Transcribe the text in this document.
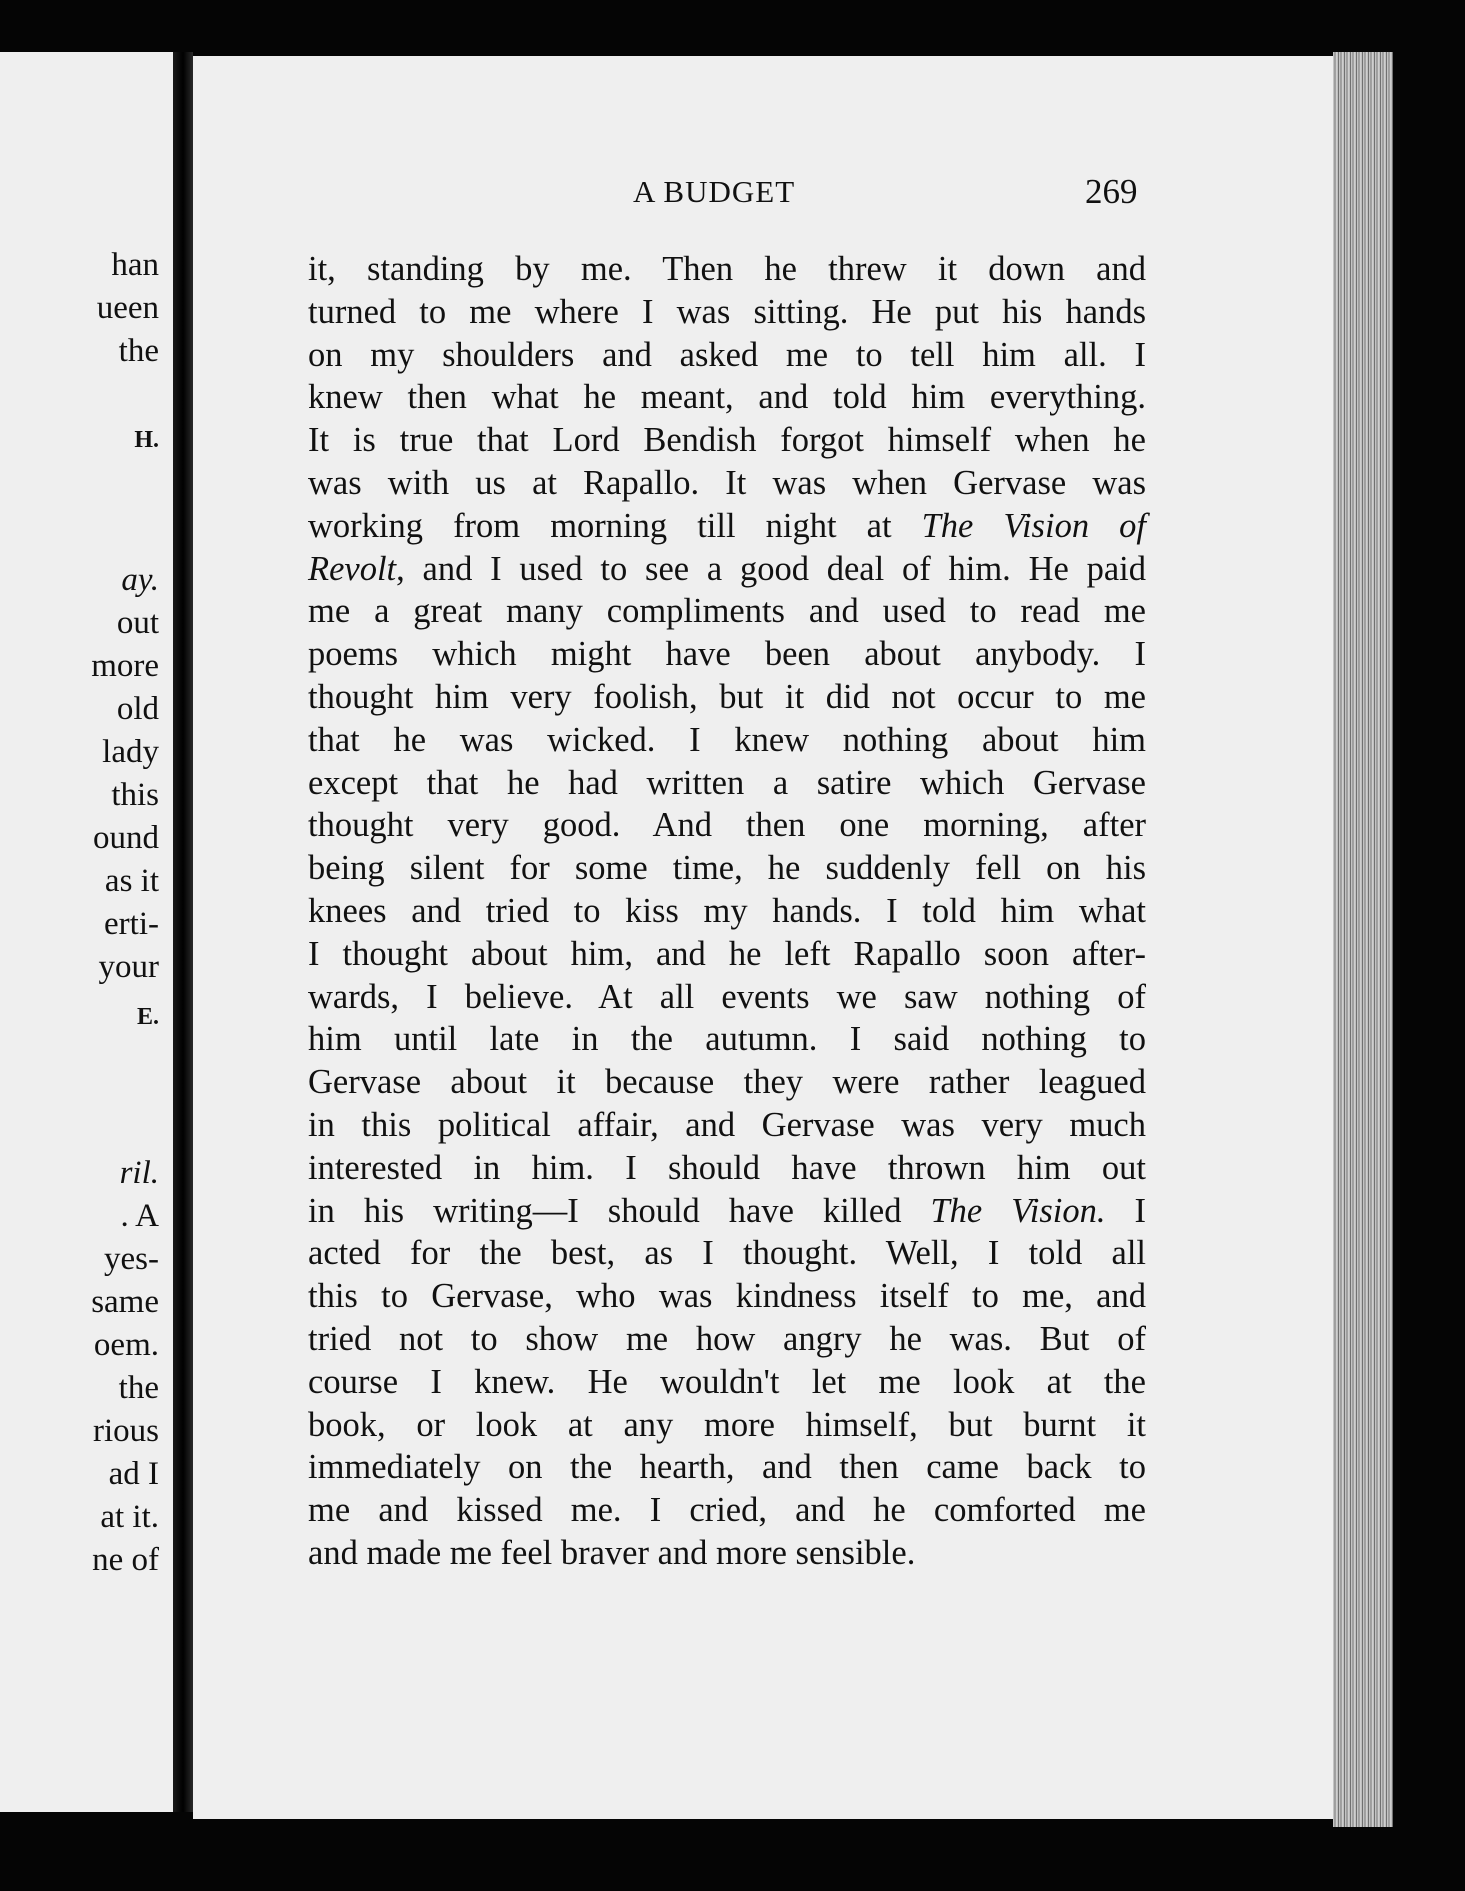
han

ueen

the

H.

ay.

out

more

old

lady

this

ound

as it

erti-

your

E.

ril.

. A

yes-

same

oem.

the

rious

ad I

at it.

ne of

A BUDGET	269

it, standing by me. Then he threw it down and
turned to me where I was sitting. He put his hands
on my shoulders and asked me to tell him all. I
knew then what he meant, and told him everything.
It is true that Lord Bendish forgot himself when he
was with us at Rapallo. It was when Gervase was
working from morning till night at The Vision of
Revolt, and I used to see a good deal of him. He paid
me a great many compliments and used to read me
poems which might have been about anybody. I
thought him very foolish, but it did not occur to me
that he was wicked. I knew nothing about him
except that he had written a satire which Gervase
thought very good. And then one morning, after
being silent for some time, he suddenly fell on his
knees and tried to kiss my hands. I told him what
I thought about him, and he left Rapallo soon after-
wards, I believe. At all events we saw nothing of
him until late in the autumn. I said nothing to
Gervase about it because they were rather leagued
in this political affair, and Gervase was very much
interested in him. I should have thrown him out
in his writing—I should have killed The Vision. I
acted for the best, as I thought. Well, I told all
this to Gervase, who was kindness itself to me, and
tried not to show me how angry he was. But of
course I knew. He wouldn't let me look at the
book, or look at any more himself, but burnt it
immediately on the hearth, and then came back to
me and kissed me. I cried, and he comforted me
and made me feel braver and more sensible.
